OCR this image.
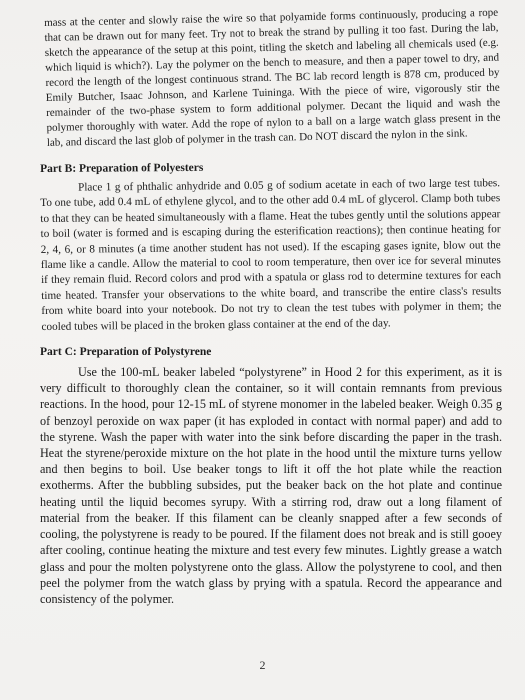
mass at the center and slowly raise the wire so that polyamide forms continuously, producing a rope that can be drawn out for many feet. Try not to break the strand by pulling it too fast. During the lab, sketch the appearance of the setup at this point, titling the sketch and labeling all chemicals used (e.g. which liquid is which?). Lay the polymer on the bench to measure, and then a paper towel to dry, and record the length of the longest continuous strand. The BC lab record length is 878 cm, produced by Emily Butcher, Isaac Johnson, and Karlene Tuininga. With the piece of wire, vigorously stir the remainder of the two-phase system to form additional polymer. Decant the liquid and wash the polymer thoroughly with water. Add the rope of nylon to a ball on a large watch glass present in the lab, and discard the last glob of polymer in the trash can. Do NOT discard the nylon in the sink.

Part B: Preparation of Polyesters

Place 1 g of phthalic anhydride and 0.05 g of sodium acetate in each of two large test tubes. To one tube, add 0.4 mL of ethylene glycol, and to the other add 0.4 mL of glycerol. Clamp both tubes to that they can be heated simultaneously with a flame. Heat the tubes gently until the solutions appear to boil (water is formed and is escaping during the esterification reactions); then continue heating for 2, 4, 6, or 8 minutes (a time another student has not used). If the escaping gases ignite, blow out the flame like a candle. Allow the material to cool to room temperature, then over ice for several minutes if they remain fluid. Record colors and prod with a spatula or glass rod to determine textures for each time heated. Transfer your observations to the white board, and transcribe the entire class's results from white board into your notebook. Do not try to clean the test tubes with polymer in them; the cooled tubes will be placed in the broken glass container at the end of the day.

Part C: Preparation of Polystyrene

Use the 100-mL beaker labeled “polystyrene” in Hood 2 for this experiment, as it is very difficult to thoroughly clean the container, so it will contain remnants from previous reactions. In the hood, pour 12-15 mL of styrene monomer in the labeled beaker. Weigh 0.35 g of benzoyl peroxide on wax paper (it has exploded in contact with normal paper) and add to the styrene. Wash the paper with water into the sink before discarding the paper in the trash. Heat the styrene/peroxide mixture on the hot plate in the hood until the mixture turns yellow and then begins to boil. Use beaker tongs to lift it off the hot plate while the reaction exotherms. After the bubbling subsides, put the beaker back on the hot plate and continue heating until the liquid becomes syrupy. With a stirring rod, draw out a long filament of material from the beaker. If this filament can be cleanly snapped after a few seconds of cooling, the polystyrene is ready to be poured. If the filament does not break and is still gooey after cooling, continue heating the mixture and test every few minutes. Lightly grease a watch glass and pour the molten polystyrene onto the glass. Allow the polystyrene to cool, and then peel the polymer from the watch glass by prying with a spatula. Record the appearance and consistency of the polymer.

2
